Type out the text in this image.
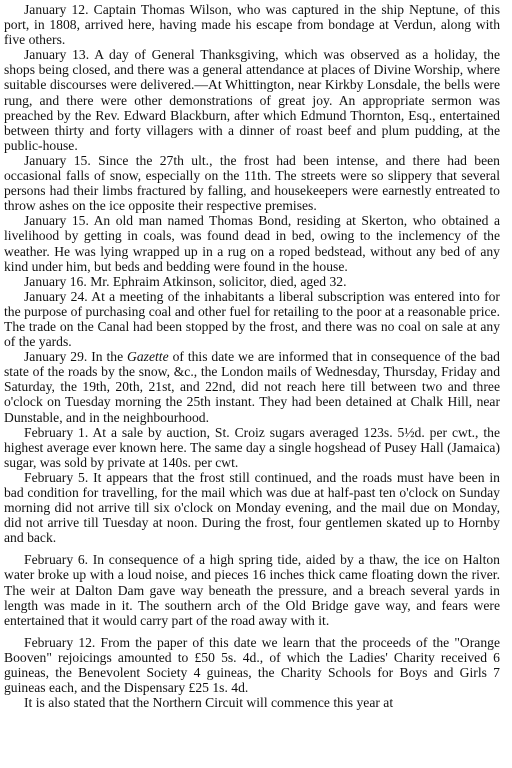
January 12. Captain Thomas Wilson, who was captured in the ship Neptune, of this port, in 1808, arrived here, having made his escape from bondage at Verdun, along with five others.

January 13. A day of General Thanksgiving, which was observed as a holiday, the shops being closed, and there was a general attendance at places of Divine Worship, where suitable discourses were delivered.—At Whittington, near Kirkby Lonsdale, the bells were rung, and there were other demonstrations of great joy. An appropriate sermon was preached by the Rev. Edward Blackburn, after which Edmund Thornton, Esq., entertained between thirty and forty villagers with a dinner of roast beef and plum pudding, at the public-house.

January 15. Since the 27th ult., the frost had been intense, and there had been occasional falls of snow, especially on the 11th. The streets were so slippery that several persons had their limbs fractured by falling, and housekeepers were earnestly entreated to throw ashes on the ice opposite their respective premises.

January 15. An old man named Thomas Bond, residing at Skerton, who obtained a livelihood by getting in coals, was found dead in bed, owing to the inclemency of the weather. He was lying wrapped up in a rug on a roped bedstead, without any bed of any kind under him, but beds and bedding were found in the house.

January 16. Mr. Ephraim Atkinson, solicitor, died, aged 32.

January 24. At a meeting of the inhabitants a liberal subscription was entered into for the purpose of purchasing coal and other fuel for retailing to the poor at a reasonable price. The trade on the Canal had been stopped by the frost, and there was no coal on sale at any of the yards.

January 29. In the Gazette of this date we are informed that in consequence of the bad state of the roads by the snow, &c., the London mails of Wednesday, Thursday, Friday and Saturday, the 19th, 20th, 21st, and 22nd, did not reach here till between two and three o'clock on Tuesday morning the 25th instant. They had been detained at Chalk Hill, near Dunstable, and in the neighbourhood.

February 1. At a sale by auction, St. Croiz sugars averaged 123s. 5½d. per cwt., the highest average ever known here. The same day a single hogshead of Pusey Hall (Jamaica) sugar, was sold by private at 140s. per cwt.

February 5. It appears that the frost still continued, and the roads must have been in bad condition for travelling, for the mail which was due at half-past ten o'clock on Sunday morning did not arrive till six o'clock on Monday evening, and the mail due on Monday, did not arrive till Tuesday at noon. During the frost, four gentlemen skated up to Hornby and back.

February 6. In consequence of a high spring tide, aided by a thaw, the ice on Halton water broke up with a loud noise, and pieces 16 inches thick came floating down the river. The weir at Dalton Dam gave way beneath the pressure, and a breach several yards in length was made in it. The southern arch of the Old Bridge gave way, and fears were entertained that it would carry part of the road away with it.

February 12. From the paper of this date we learn that the proceeds of the "Orange Booven" rejoicings amounted to £50 5s. 4d., of which the Ladies' Charity received 6 guineas, the Benevolent Society 4 guineas, the Charity Schools for Boys and Girls 7 guineas each, and the Dispensary £25 1s. 4d.

It is also stated that the Northern Circuit will commence this year at
